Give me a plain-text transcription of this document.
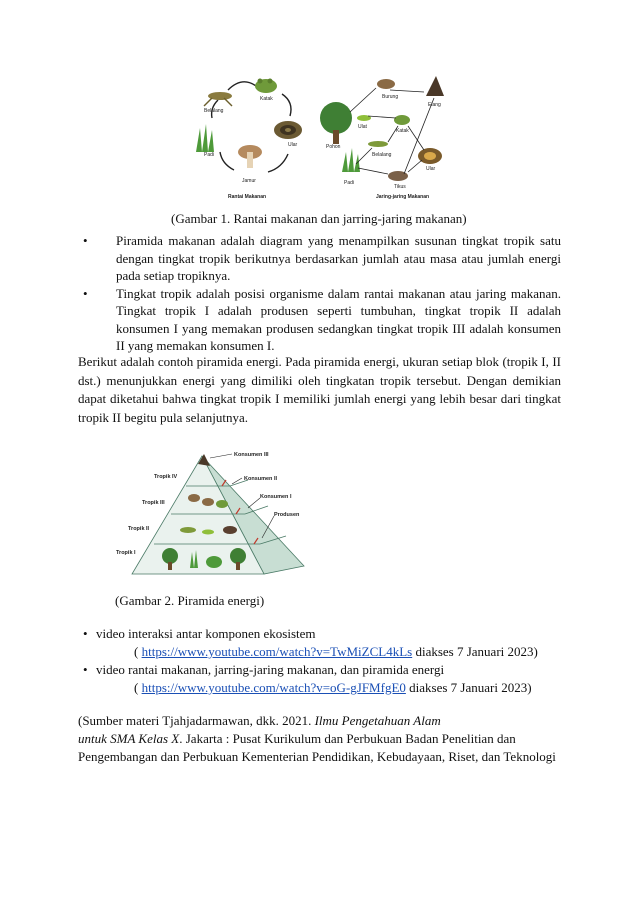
Belalang
Katak
Padi
Ular
Jamur
Rantai Makanan
Burung
Elang
Ulat
Katak
Pohon
Belalang
Ular
Padi
Tikus
Jaring-jaring Makanan
(Gambar 1. Rantai makanan dan jarring-jaring makanan)
• Piramida makanan adalah diagram yang menampilkan susunan tingkat tropik satu dengan tingkat tropik berikutnya berdasarkan jumlah atau masa atau jumlah energi pada setiap tropiknya.
• Tingkat tropik adalah posisi organisme dalam rantai makanan atau jaring makanan. Tingkat tropik I adalah produsen seperti tumbuhan, tingkat tropik II adalah konsumen I yang memakan produsen sedangkan tingkat tropik III adalah konsumen II yang memakan konsumen I.

Berikut adalah contoh piramida energi. Pada piramida energi, ukuran setiap blok (tropik I, II dst.) menunjukkan energi yang dimiliki oleh tingkatan tropik tersebut. Dengan demikian dapat diketahui bahwa tingkat tropik I memiliki jumlah energi yang lebih besar dari tingkat tropik II begitu pula selanjutnya.

Tropik IV
Tropik III
Tropik II
Tropik I
Konsumen III
Konsumen II
Konsumen I
Produsen
(Gambar 2. Piramida energi)
• video interaksi antar komponen ekosistem
( https://www.youtube.com/watch?v=TwMiZCL4kLs diakses 7 Januari 2023)
• video rantai makanan, jarring-jaring makanan, dan piramida energi
( https://www.youtube.com/watch?v=oG-gJFMfgE0 diakses 7 Januari 2023)
(Sumber materi Tjahjadarmawan, dkk. 2021. Ilmu Pengetahuan Alam
untuk SMA Kelas X. Jakarta : Pusat Kurikulum dan Perbukuan Badan Penelitian dan
Pengembangan dan Perbukuan Kementerian Pendidikan, Kebudayaan, Riset, dan Teknologi
